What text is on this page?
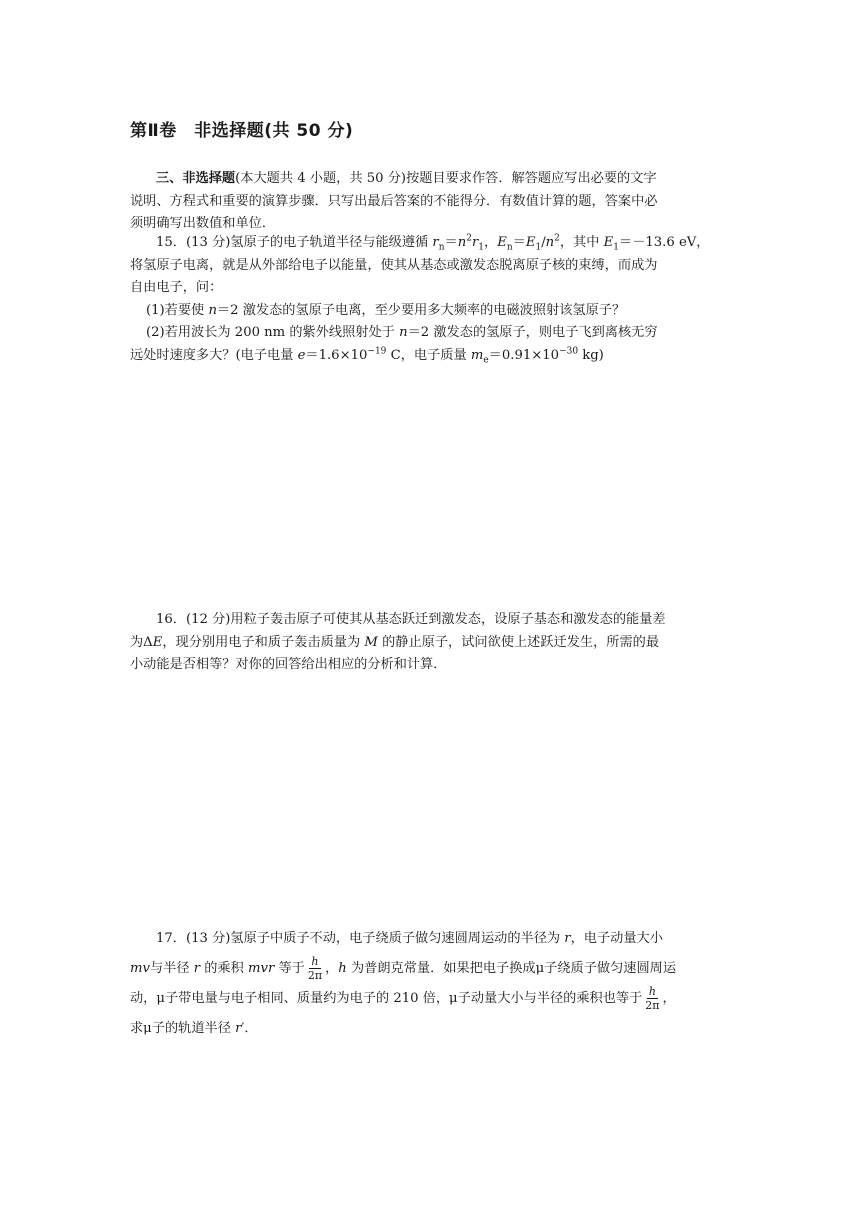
第Ⅱ卷　非选择题(共 50 分)
三、非选择题(本大题共 4 小题，共 50 分)按题目要求作答．解答题应写出必要的文字
说明、方程式和重要的演算步骤．只写出最后答案的不能得分．有数值计算的题，答案中必
须明确写出数值和单位．
15．(13 分)氢原子的电子轨道半径与能级遵循 $r_n=n^2r_1$，$E_n=E_1/n^2$，其中 $E_1=-13.6$ eV，
将氢原子电离，就是从外部给电子以能量，使其从基态或激发态脱离原子核的束缚，而成为
自由电子，问：
(1)若要使 n＝2 激发态的氢原子电离，至少要用多大频率的电磁波照射该氢原子？
(2)若用波长为 200 nm 的紫外线照射处于 n＝2 激发态的氢原子，则电子飞到离核无穷
远处时速度多大？(电子电量 $e=1.6\times 10^{-19}$ C，电子质量 $m_e=0.91\times 10^{-30}$ kg)
16．(12 分)用粒子轰击原子可使其从基态跃迁到激发态，设原子基态和激发态的能量差
为ΔE，现分别用电子和质子轰击质量为 M 的静止原子，试问欲使上述跃迁发生，所需的最
小动能是否相等？对你的回答给出相应的分析和计算．
17．(13 分)氢原子中质子不动，电子绕质子做匀速圆周运动的半径为 r，电子动量大小
mv与半径 r 的乘积 mvr 等于 $\frac{h}{2\pi}$ ，h 为普朗克常量．如果把电子换成μ子绕质子做匀速圆周运
动，μ子带电量与电子相同、质量约为电子的 210 倍，μ子动量大小与半径的乘积也等于 $\frac{h}{2\pi}$ ，
求μ子的轨道半径 r′．
